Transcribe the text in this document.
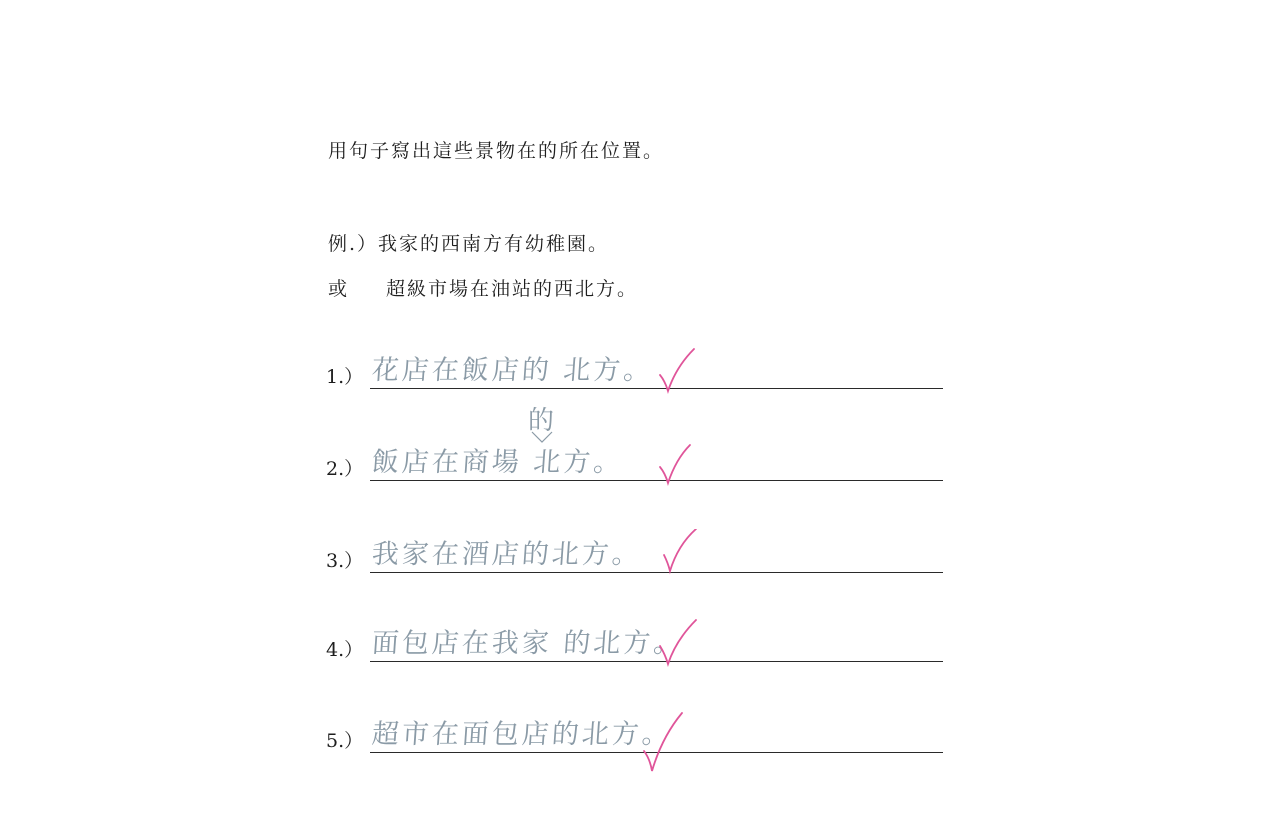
用句子寫出這些景物在的所在位置。
例.）我家的西南方有幼稚園。
或 超級市場在油站的西北方。
1.） 花店在飯店的 北方。
的
2.） 飯店在商場 北方。
3.） 我家在酒店的北方。
4.） 面包店在我家 的北方。
5.） 超市在面包店的北方。
